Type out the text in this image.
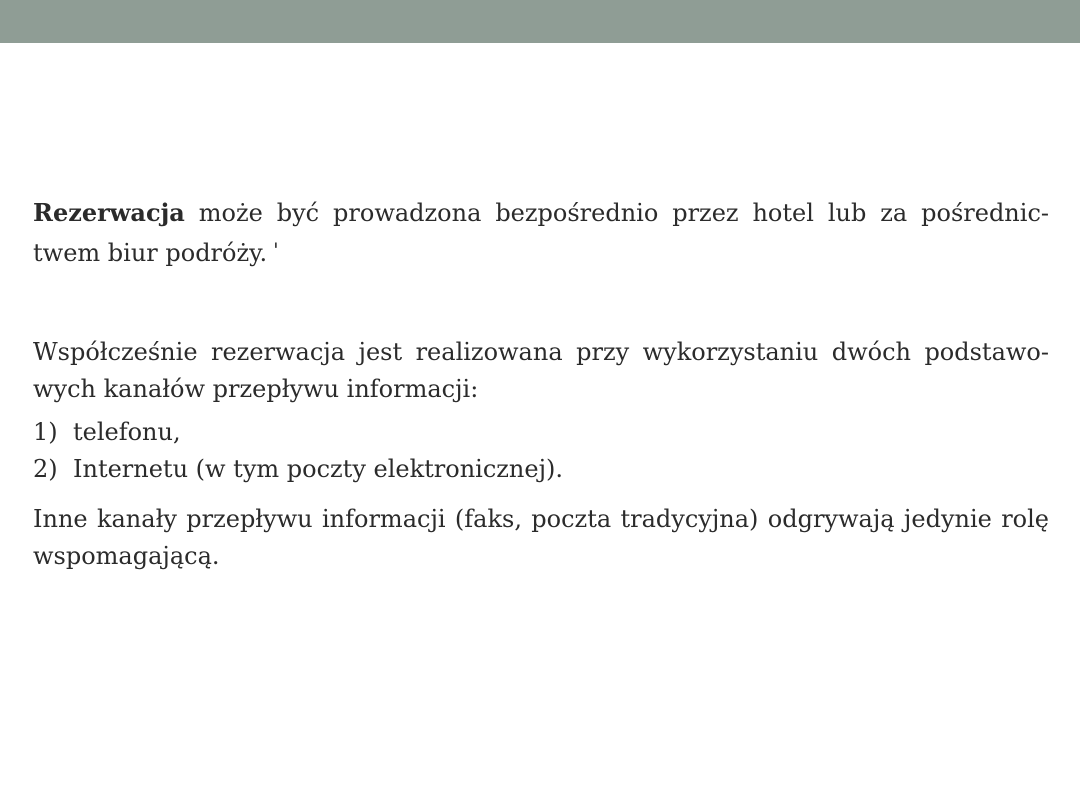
Rezerwacja może być prowadzona bezpośrednio przez hotel lub za pośrednic-twem biur podróży. '

Współcześnie rezerwacja jest realizowana przy wykorzystaniu dwóch podstawo-wych kanałów przepływu informacji:

1) telefonu,
2) Internetu (w tym poczty elektronicznej).

Inne kanały przepływu informacji (faks, poczta tradycyjna) odgrywają jedynie rolę wspomagającą.
